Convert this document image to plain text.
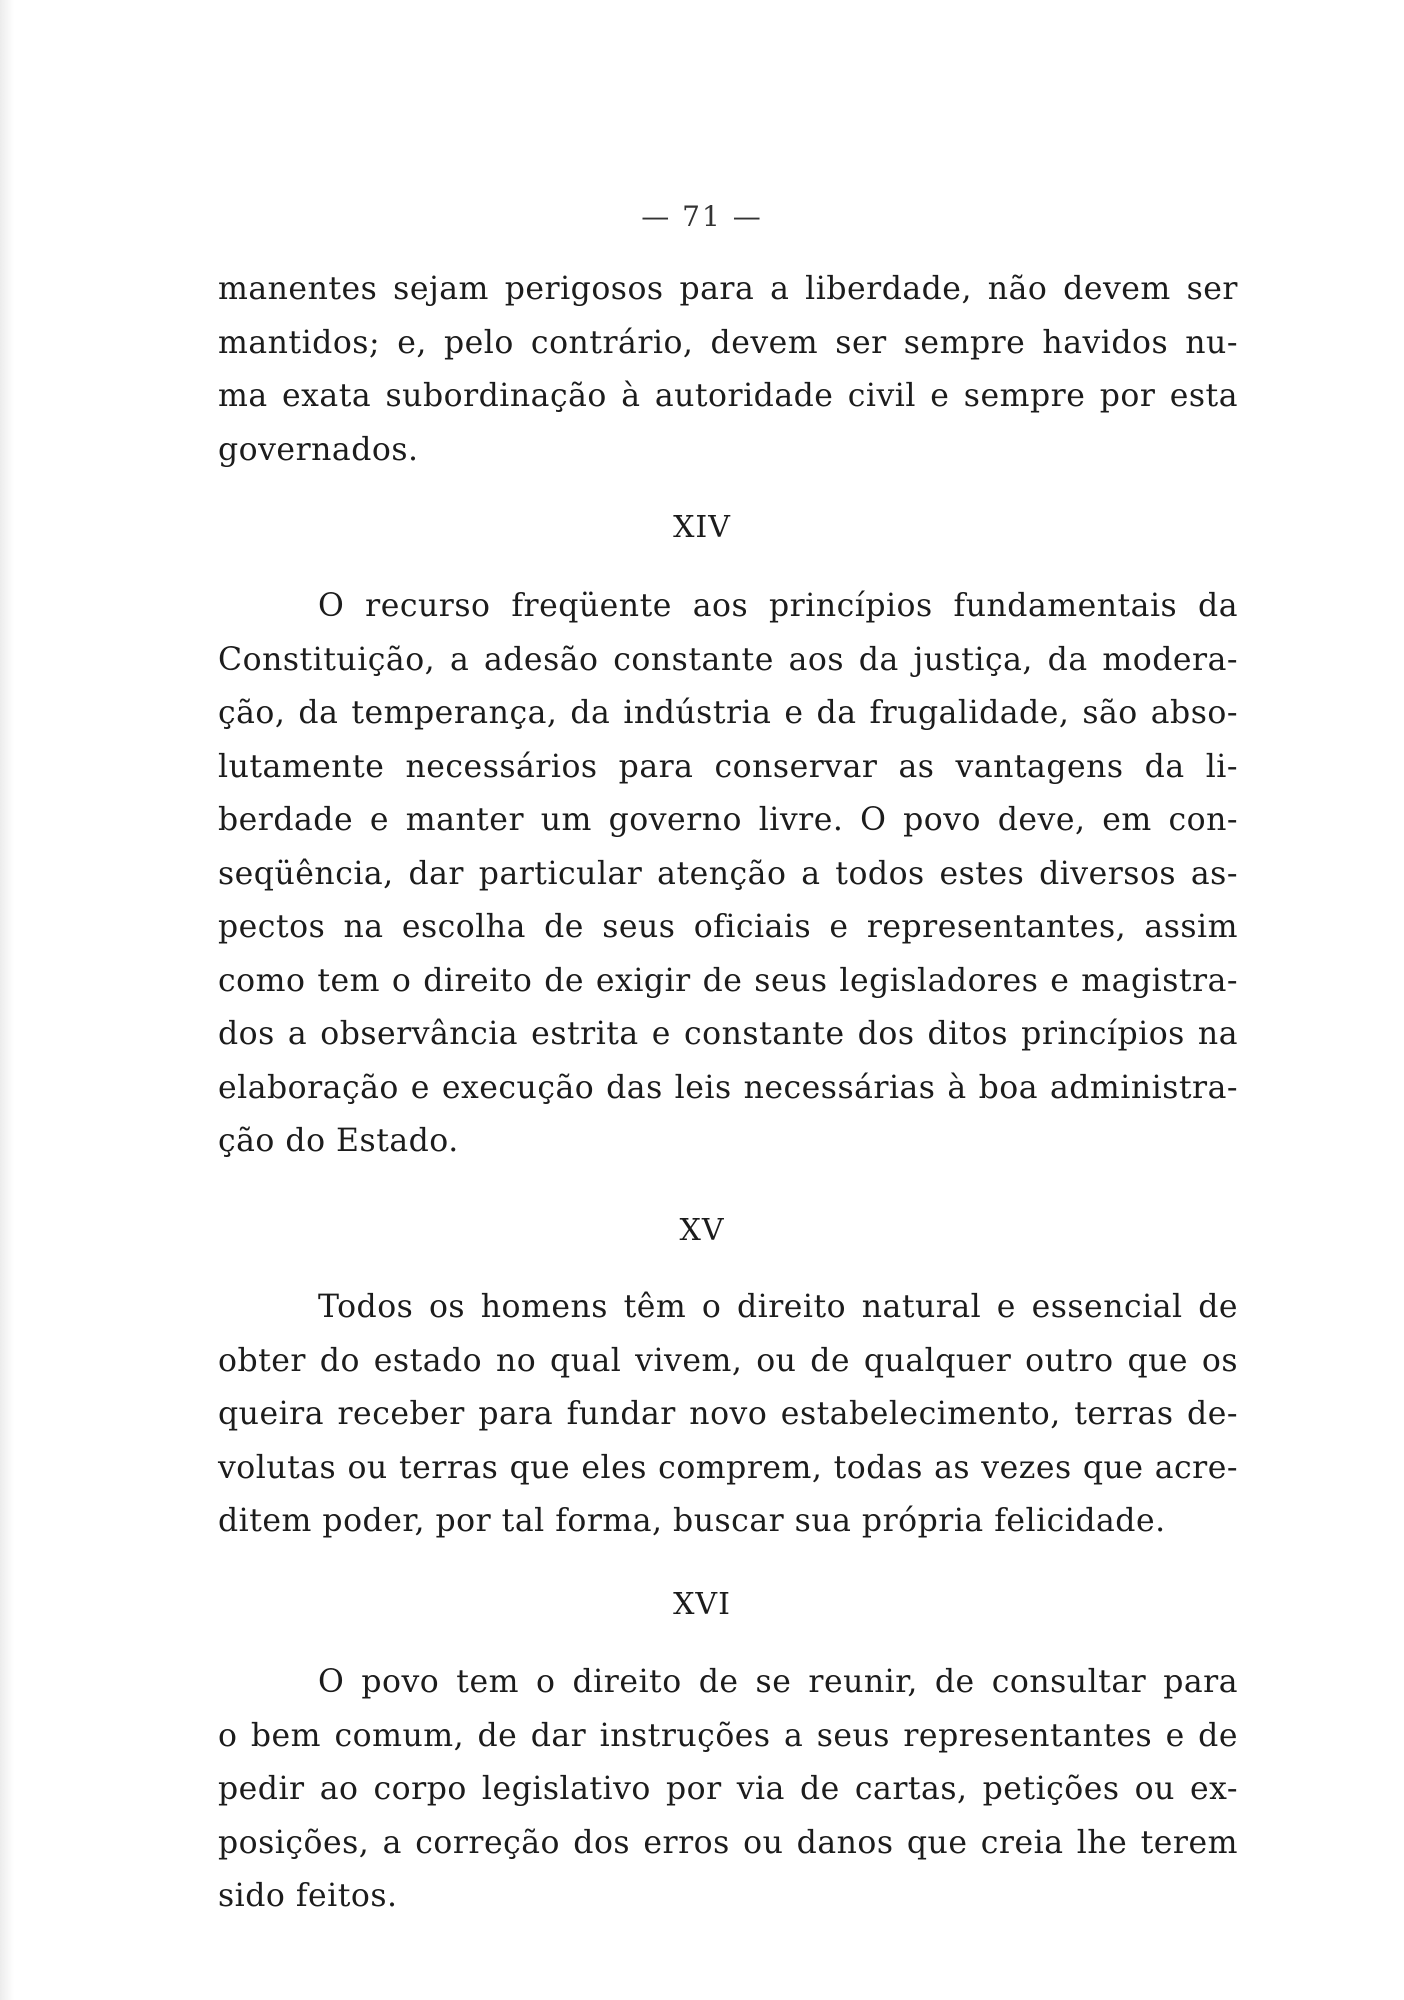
— 71 —
manentes sejam perigosos para a liberdade, não devem ser
mantidos; e, pelo contrário, devem ser sempre havidos nu-
ma exata subordinação à autoridade civil e sempre por esta
governados.
XIV
O recurso freqüente aos princípios fundamentais da
Constituição, a adesão constante aos da justiça, da modera-
ção, da temperança, da indústria e da frugalidade, são abso-
lutamente necessários para conservar as vantagens da li-
berdade e manter um governo livre. O povo deve, em con-
seqüência, dar particular atenção a todos estes diversos as-
pectos na escolha de seus oficiais e representantes, assim
como tem o direito de exigir de seus legisladores e magistra-
dos a observância estrita e constante dos ditos princípios na
elaboração e execução das leis necessárias à boa administra-
ção do Estado.
XV
Todos os homens têm o direito natural e essencial de
obter do estado no qual vivem, ou de qualquer outro que os
queira receber para fundar novo estabelecimento, terras de-
volutas ou terras que eles comprem, todas as vezes que acre-
ditem poder, por tal forma, buscar sua própria felicidade.
XVI
O povo tem o direito de se reunir, de consultar para
o bem comum, de dar instruções a seus representantes e de
pedir ao corpo legislativo por via de cartas, petições ou ex-
posições, a correção dos erros ou danos que creia lhe terem
sido feitos.
